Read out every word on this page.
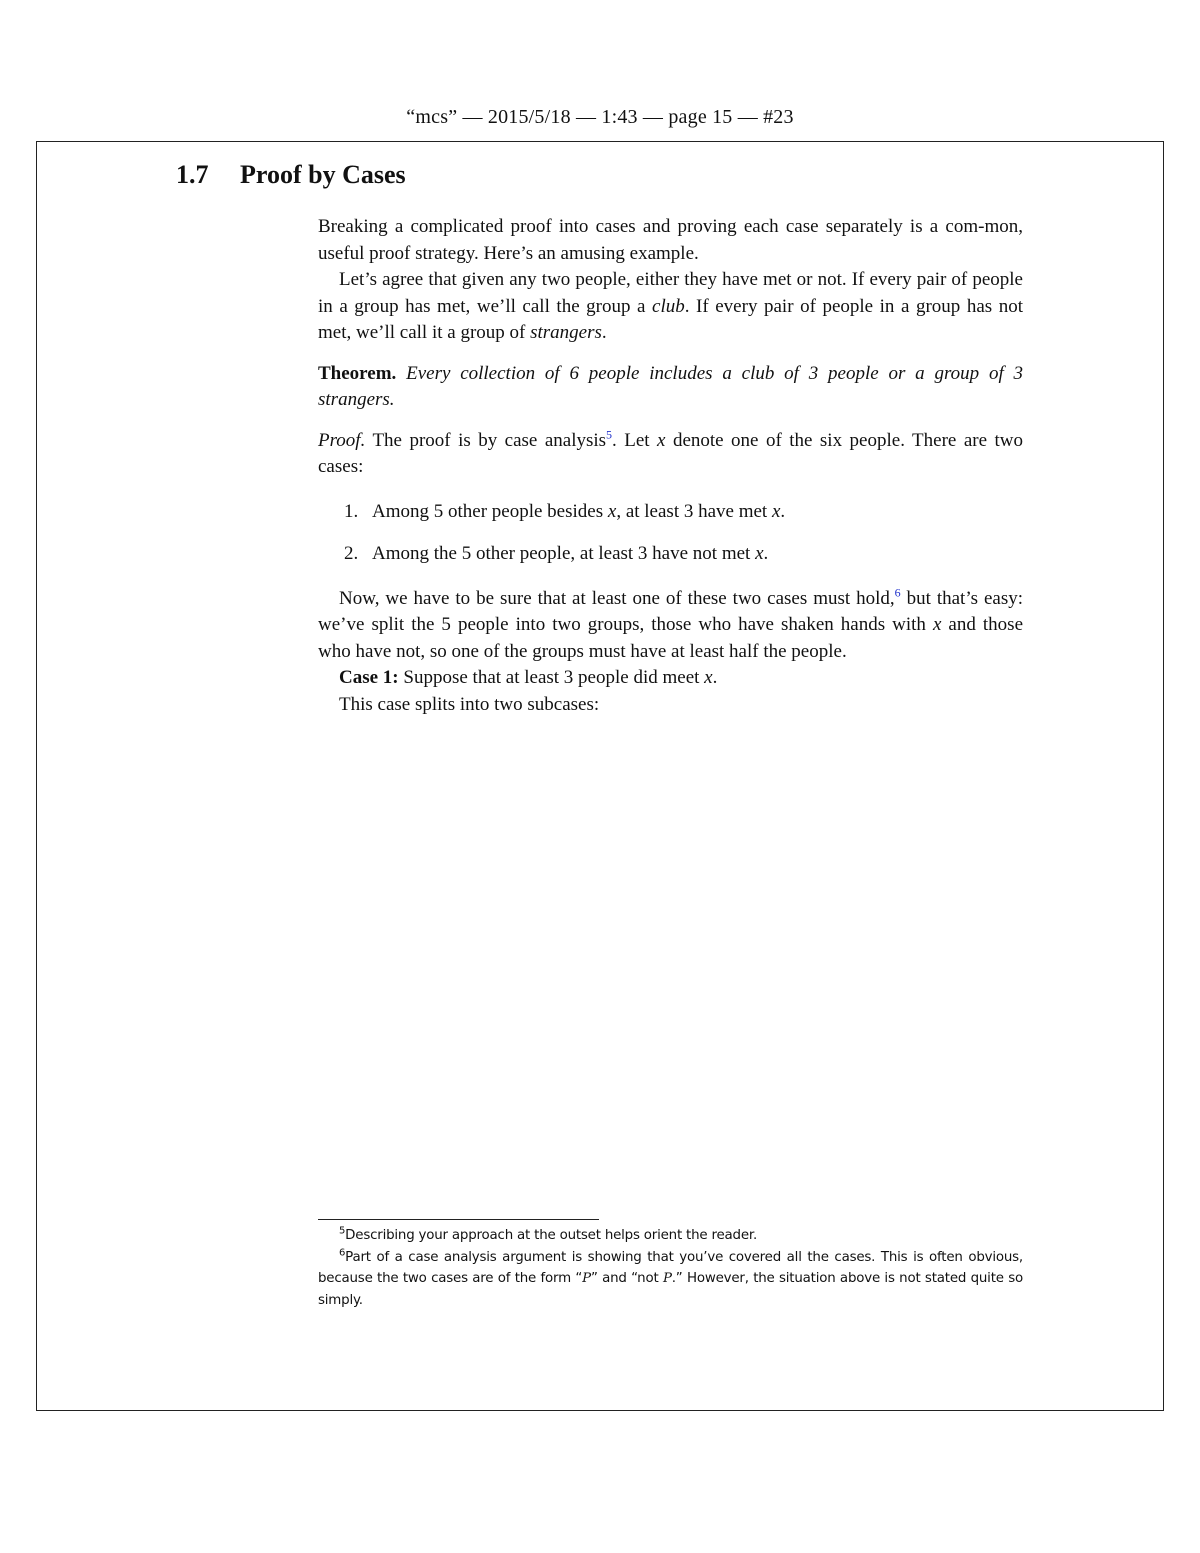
“mcs” — 2015/5/18 — 1:43 — page 15 — #23
1.7 Proof by Cases

Breaking a complicated proof into cases and proving each case separately is a com-mon, useful proof strategy. Here’s an amusing example.

Let’s agree that given any two people, either they have met or not. If every pair of people in a group has met, we’ll call the group a club. If every pair of people in a group has not met, we’ll call it a group of strangers.

Theorem. Every collection of 6 people includes a club of 3 people or a group of 3 strangers.

Proof. The proof is by case analysis$^5$. Let x denote one of the six people. There are two cases:

1. Among 5 other people besides x, at least 3 have met x.
2. Among the 5 other people, at least 3 have not met x.

Now, we have to be sure that at least one of these two cases must hold,$^6$ but that’s easy: we’ve split the 5 people into two groups, those who have shaken hands with x and those who have not, so one of the groups must have at least half the people.

Case 1: Suppose that at least 3 people did meet x.

This case splits into two subcases:

$^5$Describing your approach at the outset helps orient the reader.

$^6$Part of a case analysis argument is showing that you’ve covered all the cases. This is often obvious, because the two cases are of the form “P” and “not P.” However, the situation above is not stated quite so simply.
